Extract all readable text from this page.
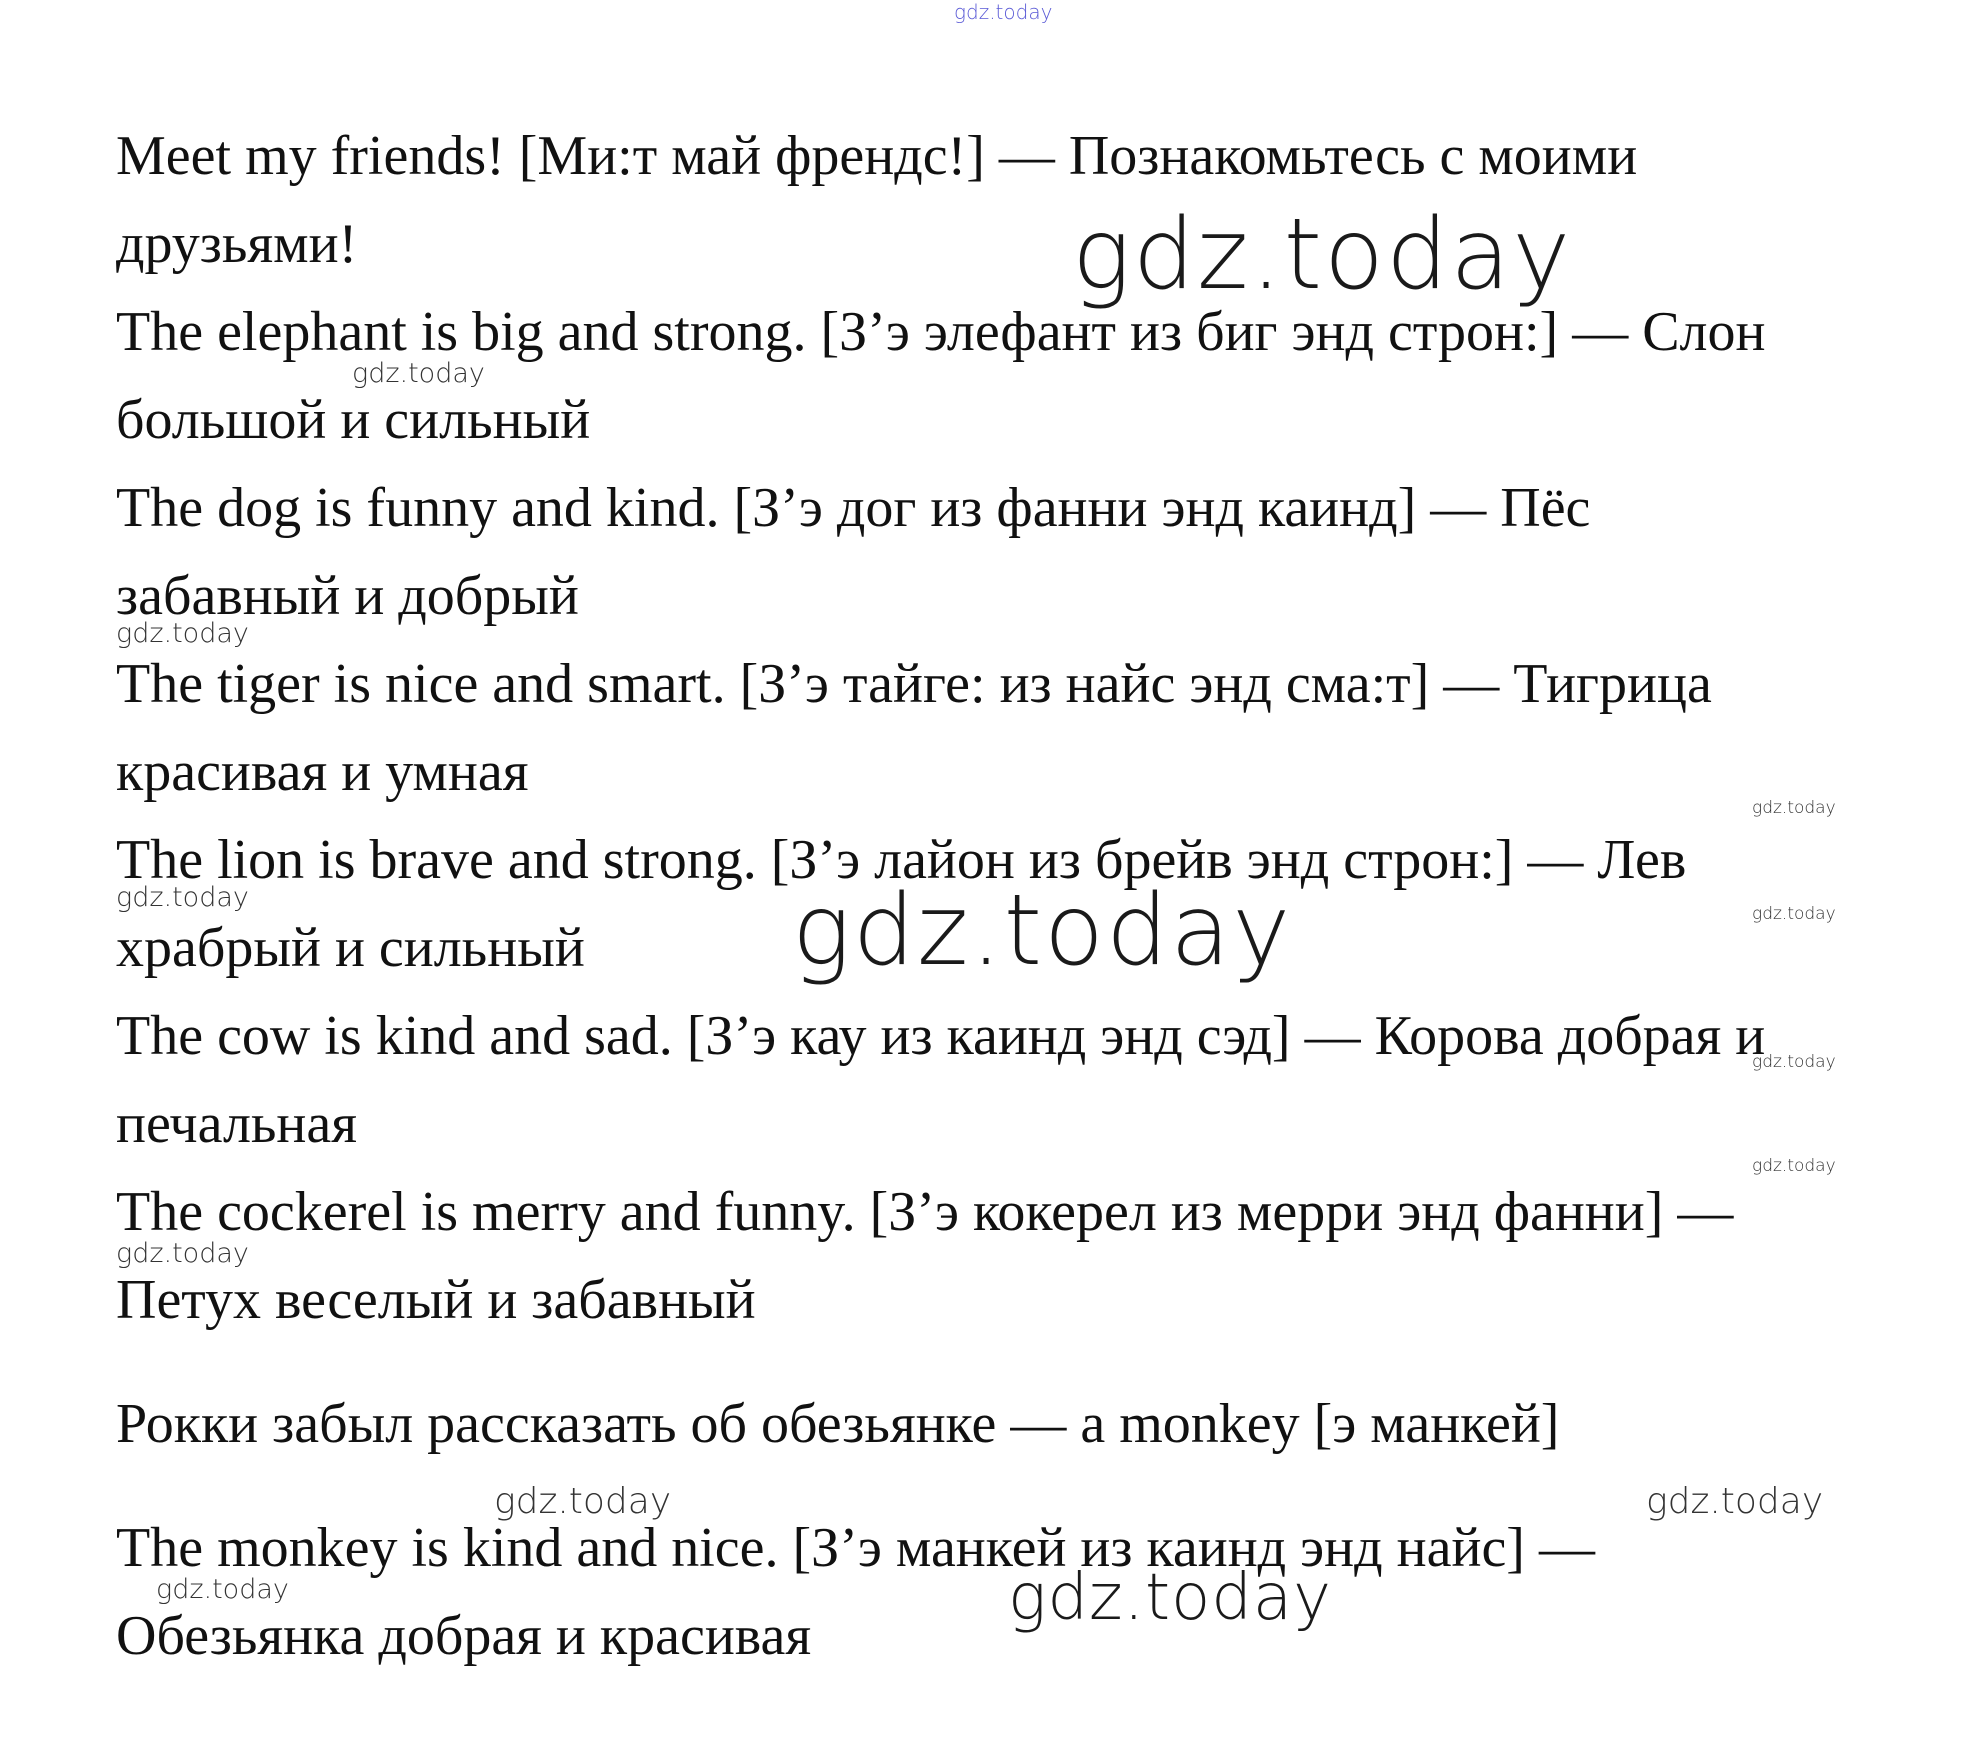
Meet my friends! [Ми:т май френдс!] — Познакомьтесь с моими

друзьями!

The elephant is big and strong. [З’э элефант из биг энд строн:] — Слон

большой и сильный

The dog is funny and kind. [З’э дог из фанни энд каинд] — Пёс

забавный и добрый

The tiger is nice and smart. [З’э тайге: из найс энд сма:т] — Тигрица

красивая и умная

The lion is brave and strong. [З’э лайон из брейв энд строн:] — Лев

храбрый и сильный

The cow is kind and sad. [З’э кау из каинд энд сэд] — Корова добрая и

печальная

The cockerel is merry and funny. [З’э кокерел из мерри энд фанни] —

Петух веселый и забавный

Рокки забыл рассказать об обезьянке — a monkey [э манкей]

The monkey is kind and nice. [З’э манкей из каинд энд найс] —

Обезьянка добрая и красивая

gdz.today
gdz.today
gdz.today
gdz.today
gdz.today
gdz.today
gdz.today
gdz.today
gdz.today
gdz.today
gdz.today
gdz.today	gdz.today
gdz.today	gdz.today
